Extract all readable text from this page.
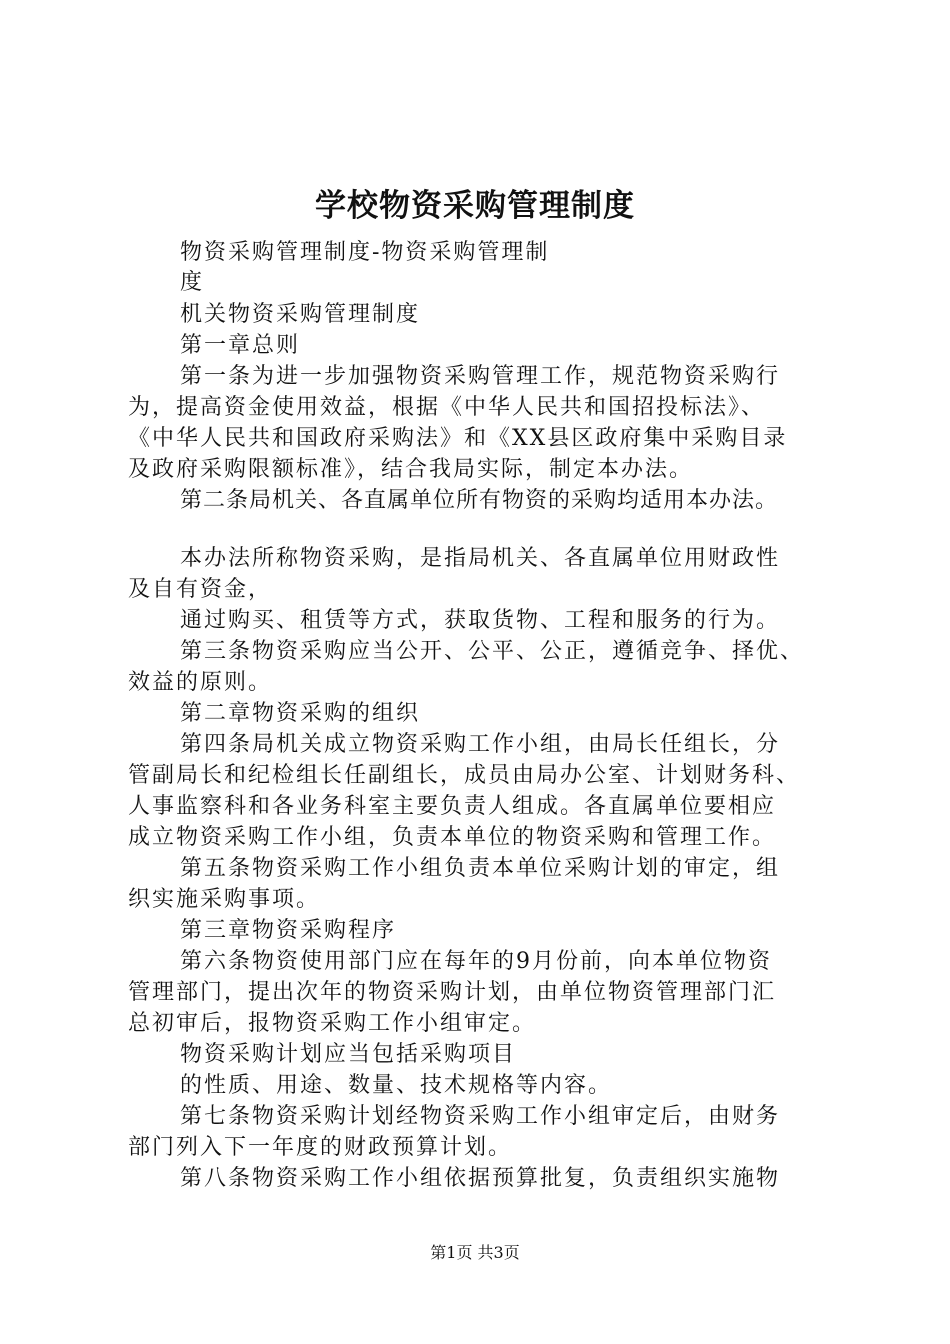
学校物资采购管理制度

物资采购管理制度-物资采购管理制

度

机关物资采购管理制度

第一章总则

第一条为进一步加强物资采购管理工作，规范物资采购行

为，提高资金使用效益，根据《中华人民共和国招投标法》、

《中华人民共和国政府采购法》和《XX县区政府集中采购目录

及政府采购限额标准》，结合我局实际，制定本办法。

第二条局机关、各直属单位所有物资的采购均适用本办法。

本办法所称物资采购，是指局机关、各直属单位用财政性

及自有资金，

通过购买、租赁等方式，获取货物、工程和服务的行为。

第三条物资采购应当公开、公平、公正，遵循竞争、择优、

效益的原则。

第二章物资采购的组织

第四条局机关成立物资采购工作小组，由局长任组长，分

管副局长和纪检组长任副组长，成员由局办公室、计划财务科、

人事监察科和各业务科室主要负责人组成。各直属单位要相应

成立物资采购工作小组，负责本单位的物资采购和管理工作。

第五条物资采购工作小组负责本单位采购计划的审定，组

织实施采购事项。

第三章物资采购程序

第六条物资使用部门应在每年的9月份前，向本单位物资

管理部门，提出次年的物资采购计划，由单位物资管理部门汇

总初审后，报物资采购工作小组审定。

物资采购计划应当包括采购项目

的性质、用途、数量、技术规格等内容。

第七条物资采购计划经物资采购工作小组审定后，由财务

部门列入下一年度的财政预算计划。

第八条物资采购工作小组依据预算批复，负责组织实施物

第1页 共3页
